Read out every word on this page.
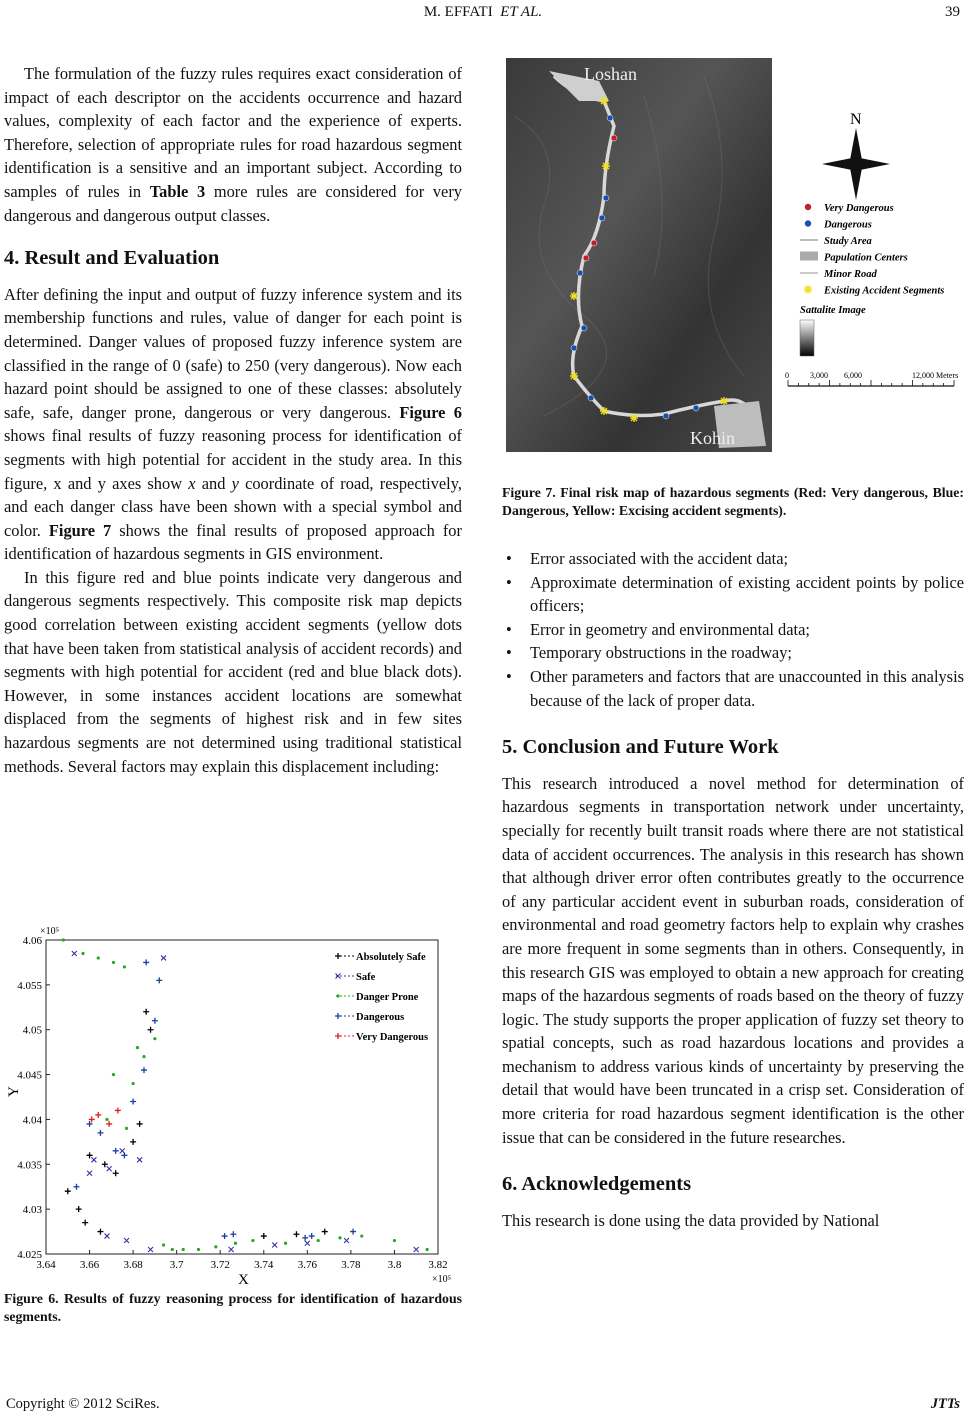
M. EFFATI ET AL.	39

The formulation of the fuzzy rules requires exact consideration of impact of each descriptor on the accidents occurrence and hazard values, complexity of each factor and the experience of experts. Therefore, selection of appropriate rules for road hazardous segment identification is a sensitive and an important subject. According to samples of rules in Table 3 more rules are considered for very dangerous and dangerous output classes.

4. Result and Evaluation

After defining the input and output of fuzzy inference system and its membership functions and rules, value of danger for each point is determined. Danger values of proposed fuzzy inference system are classified in the range of 0 (safe) to 250 (very dangerous). Now each hazard point should be assigned to one of these classes: absolutely safe, safe, danger prone, dangerous or very dangerous. Figure 6 shows final results of fuzzy reasoning process for identification of segments with high potential for accident in the study area. In this figure, x and y axes show x and y coordinate of road, respectively, and each danger class have been shown with a special symbol and color. Figure 7 shows the final results of proposed approach for identification of hazardous segments in GIS environment.

In this figure red and blue points indicate very dangerous and dangerous segments respectively. This composite risk map depicts good correlation between existing accident segments (yellow dots that have been taken from statistical analysis of accident records) and segments with high potential for accident (red and blue black dots). However, in some instances accident locations are somewhat displaced from the segments of highest risk and in few sites hazardous segments are not determined using traditional statistical methods. Several factors may explain this displacement including:

3.64 3.66 3.68 3.7 3.72 3.74 3.76 3.78 3.8 3.82
4.025
4.03
4.035
4.04
4.045
4.05
4.055
4.06
X
Y
×10⁵
×10⁵
Absolutely Safe
Safe
Danger Prone
Dangerous
Very Dangerous
Figure 6. Results of fuzzy reasoning process for identification of hazardous segments.
Loshan
Kohin
N
Very Dangerous
Dangerous
Study Area
Papulation Centers
Minor Road
Existing Accident Segments
Sattalite Image
0	3,000 6,000	12,000 Meters
Figure 7. Final risk map of hazardous segments (Red: Very dangerous, Blue: Dangerous, Yellow: Excising accident segments).
• Error associated with the accident data;
• Approximate determination of existing accident points by police officers;
• Error in geometry and environmental data;
• Temporary obstructions in the roadway;
• Other parameters and factors that are unaccounted in this analysis because of the lack of proper data.
5. Conclusion and Future Work

This research introduced a novel method for determination of hazardous segments in transportation network under uncertainty, specially for recently built transit roads where there are not statistical data of accident occurrences. The analysis in this research has shown that although driver error often contributes greatly to the occurrence of any particular accident event in suburban roads, consideration of environmental and road geometry factors help to explain why crashes are more frequent in some segments than in others. Consequently, in this research GIS was employed to obtain a new approach for creating maps of the hazardous segments of roads based on the theory of fuzzy logic. The study supports the proper application of fuzzy set theory to spatial concepts, such as road hazardous locations and provides a mechanism to address various kinds of uncertainty by preserving the detail that would have been truncated in a crisp set. Consideration of more criteria for road hazardous segment identification is the other issue that can be considered in the future researches.

6. Acknowledgements

This research is done using the data provided by National

Copyright © 2012 SciRes.	JTTs
